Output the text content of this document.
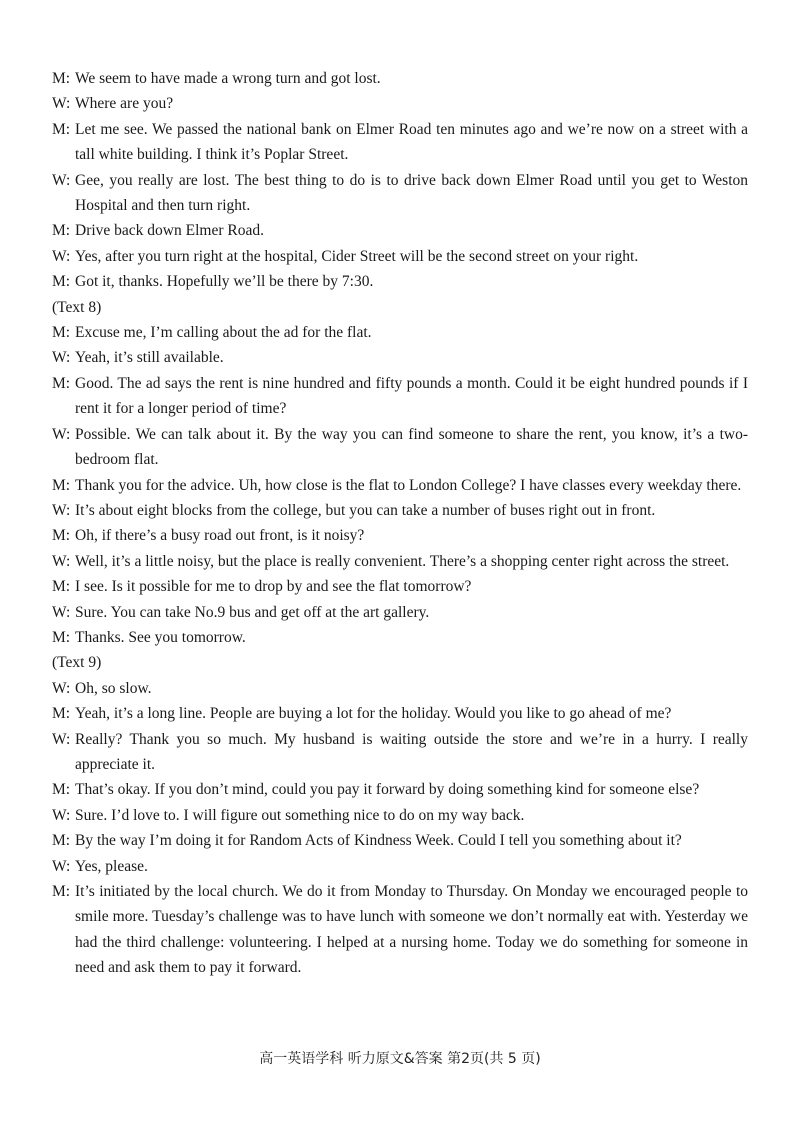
M: We seem to have made a wrong turn and got lost.
W: Where are you?
M: Let me see. We passed the national bank on Elmer Road ten minutes ago and we’re now on a street with a tall white building. I think it’s Poplar Street.
W: Gee, you really are lost. The best thing to do is to drive back down Elmer Road until you get to Weston Hospital and then turn right.
M: Drive back down Elmer Road.
W: Yes, after you turn right at the hospital, Cider Street will be the second street on your right.
M: Got it, thanks. Hopefully we’ll be there by 7:30.
(Text 8)
M: Excuse me, I’m calling about the ad for the flat.
W: Yeah, it’s still available.
M: Good. The ad says the rent is nine hundred and fifty pounds a month. Could it be eight hundred pounds if I rent it for a longer period of time?
W: Possible. We can talk about it. By the way you can find someone to share the rent, you know, it’s a two-bedroom flat.
M: Thank you for the advice. Uh, how close is the flat to London College? I have classes every weekday there.
W: It’s about eight blocks from the college, but you can take a number of buses right out in front.
M: Oh, if there’s a busy road out front, is it noisy?
W: Well, it’s a little noisy, but the place is really convenient. There’s a shopping center right across the street.
M: I see. Is it possible for me to drop by and see the flat tomorrow?
W: Sure. You can take No.9 bus and get off at the art gallery.
M: Thanks. See you tomorrow.
(Text 9)
W: Oh, so slow.
M: Yeah, it’s a long line. People are buying a lot for the holiday. Would you like to go ahead of me?
W: Really? Thank you so much. My husband is waiting outside the store and we’re in a hurry. I really appreciate it.
M: That’s okay. If you don’t mind, could you pay it forward by doing something kind for someone else?
W: Sure. I’d love to. I will figure out something nice to do on my way back.
M: By the way I’m doing it for Random Acts of Kindness Week. Could I tell you something about it?
W: Yes, please.
M: It’s initiated by the local church. We do it from Monday to Thursday. On Monday we encouraged people to smile more. Tuesday’s challenge was to have lunch with someone we don’t normally eat with. Yesterday we had the third challenge: volunteering. I helped at a nursing home. Today we do something for someone in need and ask them to pay it forward.
高一英语学科 听力原文&答案 第2页(共 5 页)
